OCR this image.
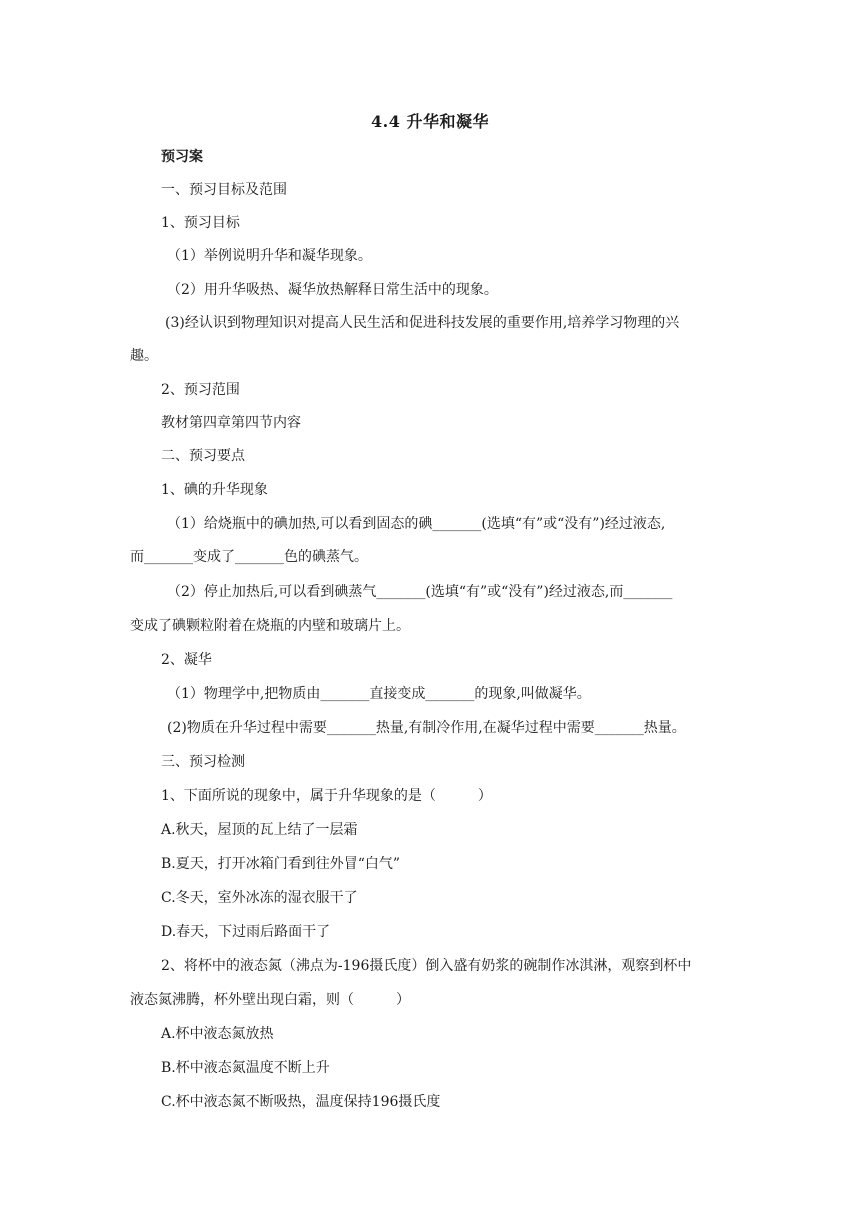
4.4 升华和凝华
预习案
一、预习目标及范围
1、预习目标
（1）举例说明升华和凝华现象。
（2）用升华吸热、凝华放热解释日常生活中的现象。
(3)经认识到物理知识对提高人民生活和促进科技发展的重要作用,培养学习物理的兴
趣。
2、预习范围
教材第四章第四节内容
二、预习要点
1、碘的升华现象
（1）给烧瓶中的碘加热,可以看到固态的碘_______(选填“有”或“没有”)经过液态,
而_______变成了_______色的碘蒸气。
（2）停止加热后,可以看到碘蒸气_______(选填“有”或“没有”)经过液态,而_______
变成了碘颗粒附着在烧瓶的内壁和玻璃片上。
2、凝华
（1）物理学中,把物质由_______直接变成_______的现象,叫做凝华。
(2)物质在升华过程中需要_______热量,有制冷作用,在凝华过程中需要_______热量。
三、预习检测
1、下面所说的现象中，属于升华现象的是（　　　）
A.秋天，屋顶的瓦上结了一层霜
B.夏天，打开冰箱门看到往外冒“白气”
C.冬天，室外冰冻的湿衣服干了
D.春天，下过雨后路面干了
2、将杯中的液态氮（沸点为-196摄氏度）倒入盛有奶浆的碗制作冰淇淋，观察到杯中
液态氮沸腾，杯外壁出现白霜，则（　　　）
A.杯中液态氮放热
B.杯中液态氮温度不断上升
C.杯中液态氮不断吸热，温度保持196摄氏度
